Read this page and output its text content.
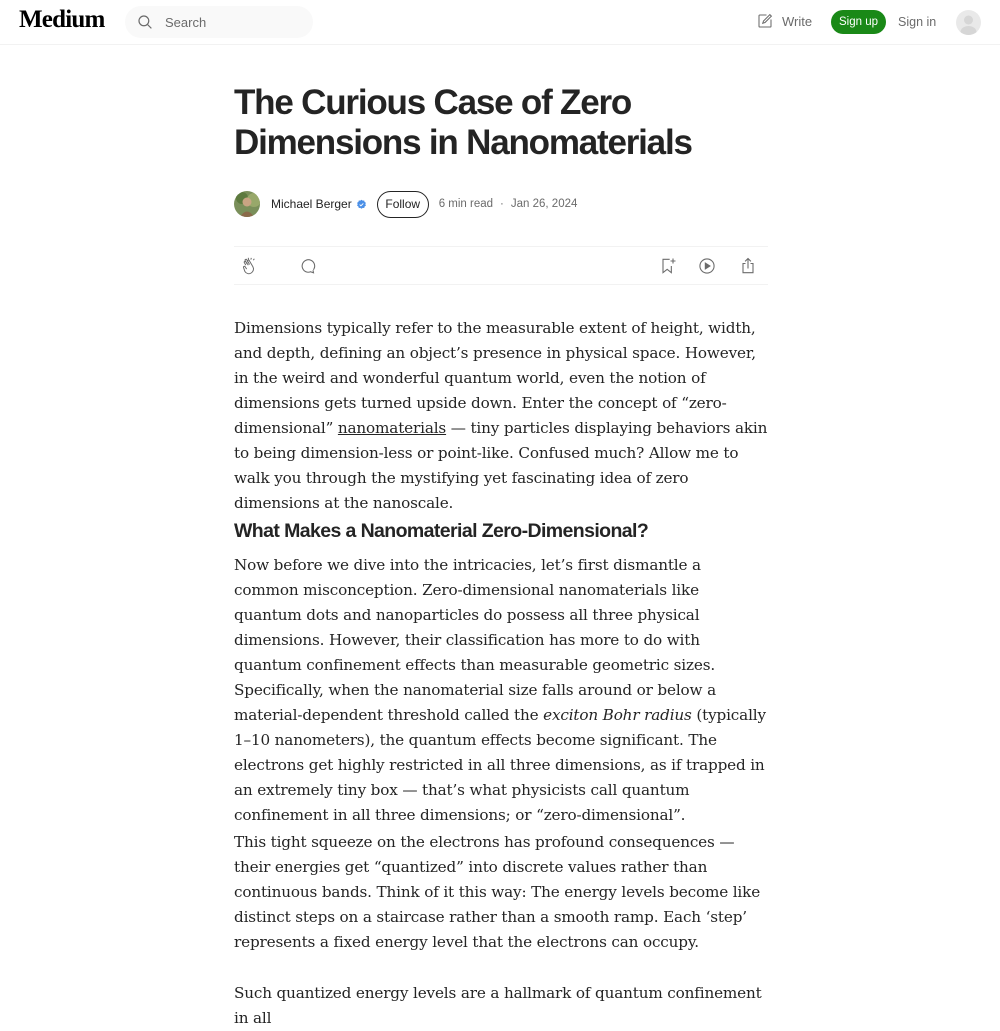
Medium
Search	Write	Sign up	Sign in
The Curious Case of Zero
Dimensions in Nanomaterials
Michael Berger	Follow	6 min read · Jan 26, 2024

Dimensions typically refer to the measurable extent of height, width, and depth, defining an object’s presence in physical space. However, in the weird and wonderful quantum world, even the notion of dimensions gets turned upside down. Enter the concept of “zero-dimensional” nanomaterials — tiny particles displaying behaviors akin to being dimension-less or point-like. Confused much? Allow me to walk you through the mystifying yet fascinating idea of zero dimensions at the nanoscale.

What Makes a Nanomaterial Zero-Dimensional?

Now before we dive into the intricacies, let’s first dismantle a common misconception. Zero-dimensional nanomaterials like quantum dots and nanoparticles do possess all three physical dimensions. However, their classification has more to do with quantum confinement effects than measurable geometric sizes. Specifically, when the nanomaterial size falls around or below a material-dependent threshold called the exciton Bohr radius (typically 1–10 nanometers), the quantum effects become significant. The electrons get highly restricted in all three dimensions, as if trapped in an extremely tiny box — that’s what physicists call quantum confinement in all three dimensions; or “zero-dimensional”.

This tight squeeze on the electrons has profound consequences — their energies get “quantized” into discrete values rather than continuous bands. Think of it this way: The energy levels become like distinct steps on a staircase rather than a smooth ramp. Each ‘step’ represents a fixed energy level that the electrons can occupy.

Such quantized energy levels are a hallmark of quantum confinement in all
